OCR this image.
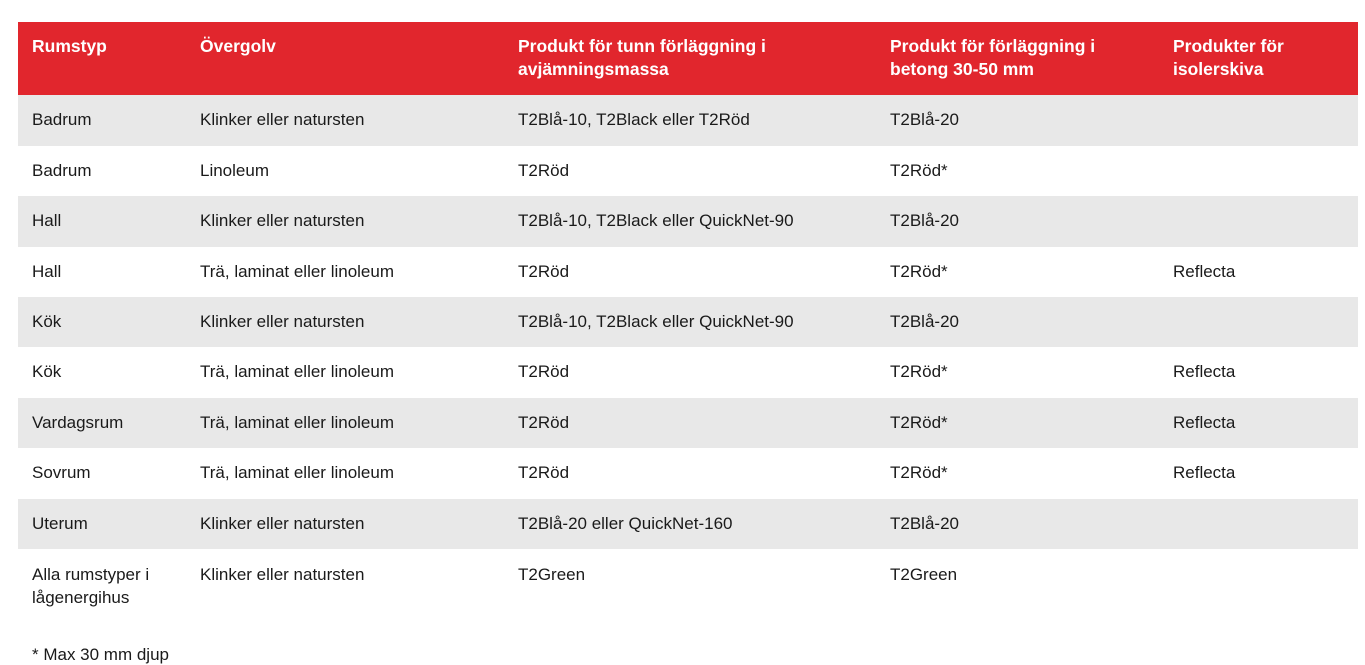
Rumstyp	Övergolv	Produkt för tunn förläggning i avjämningsmassa	Produkt för förläggning i betong 30-50 mm	Produkter för isolerskiva
Badrum	Klinker eller natursten	T2Blå-10, T2Black eller T2Röd	T2Blå-20	
Badrum	Linoleum	T2Röd	T2Röd*	
Hall	Klinker eller natursten	T2Blå-10, T2Black eller QuickNet-90	T2Blå-20	
Hall	Trä, laminat eller linoleum	T2Röd	T2Röd*	Reflecta
Kök	Klinker eller natursten	T2Blå-10, T2Black eller QuickNet-90	T2Blå-20	
Kök	Trä, laminat eller linoleum	T2Röd	T2Röd*	Reflecta
Vardagsrum	Trä, laminat eller linoleum	T2Röd	T2Röd*	Reflecta
Sovrum	Trä, laminat eller linoleum	T2Röd	T2Röd*	Reflecta
Uterum	Klinker eller natursten	T2Blå-20 eller QuickNet-160	T2Blå-20	
Alla rumstyper i lågenergihus	Klinker eller natursten	T2Green	T2Green	
* Max 30 mm djup
